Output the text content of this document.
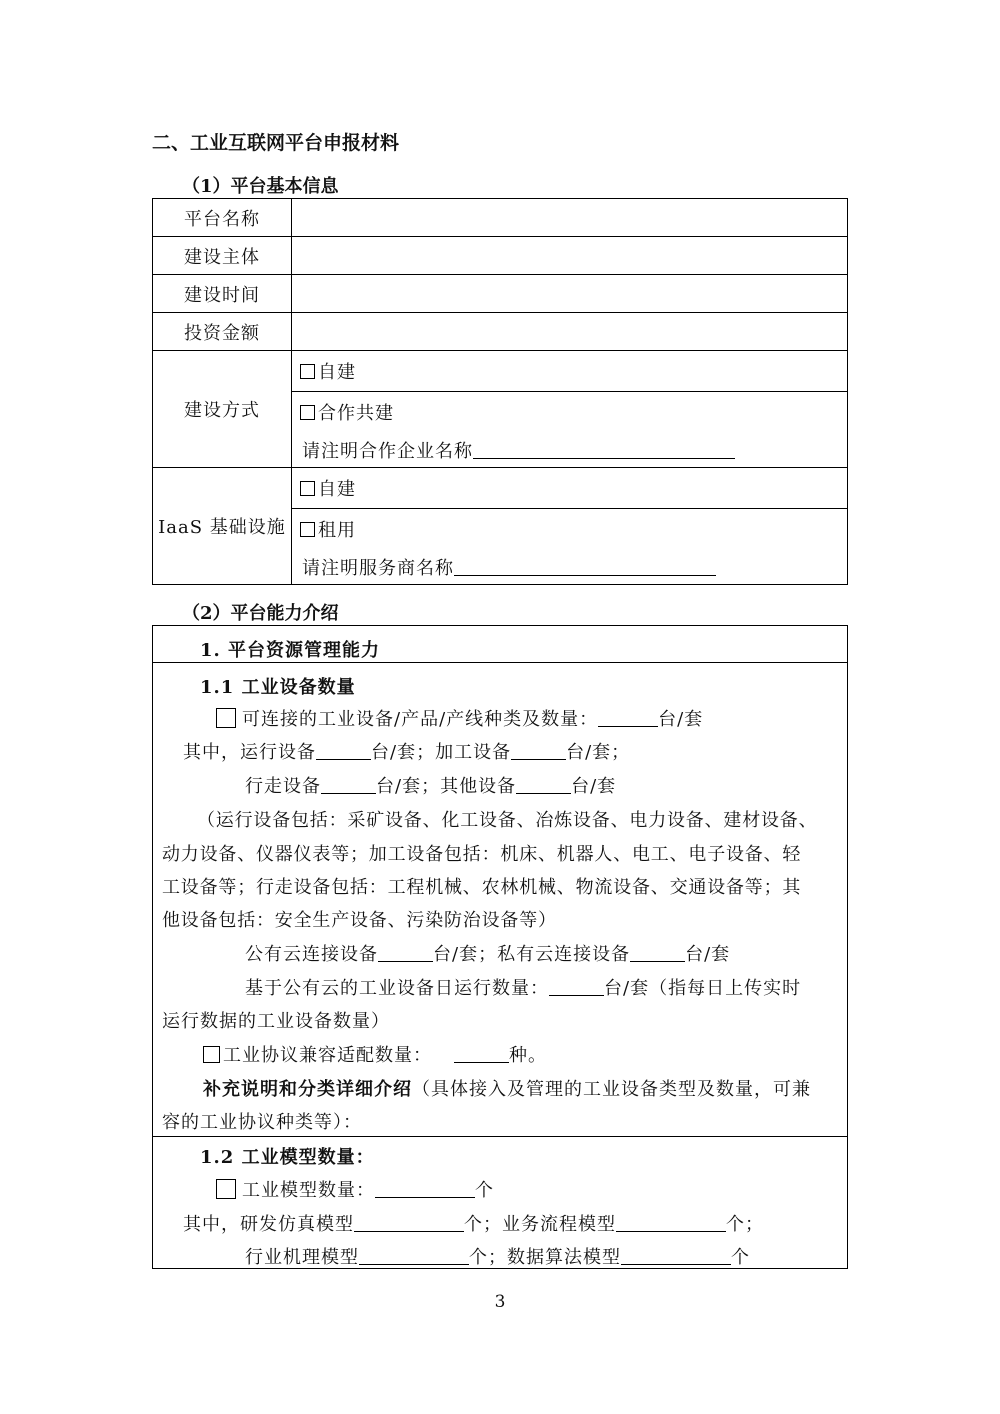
二、工业互联网平台申报材料
（1）平台基本信息
平台名称	
建设主体	
建设时间	
投资金额	
建设方式	自建
合作共建
请注明合作企业名称

IaaS 基础设施	自建
租用
请注明服务商名称
（2）平台能力介绍
1. 平台资源管理能力
1.1 工业设备数量
可连接的工业设备/产品/产线种类及数量：	台/套
其中，运行设备	台/套；加工设备	台/套；
行走设备	台/套；其他设备	台/套
（运行设备包括：采矿设备、化工设备、冶炼设备、电力设备、建材设备、
动力设备、仪器仪表等；加工设备包括：机床、机器人、电工、电子设备、轻
工设备等；行走设备包括：工程机械、农林机械、物流设备、交通设备等；其
他设备包括：安全生产设备、污染防治设备等）
公有云连接设备	台/套；私有云连接设备	台/套
基于公有云的工业设备日运行数量：	台/套（指每日上传实时
运行数据的工业设备数量）
工业协议兼容适配数量：	种。
补充说明和分类详细介绍（具体接入及管理的工业设备类型及数量，可兼
容的工业协议种类等）：
1.2 工业模型数量：
工业模型数量：	个
其中，研发仿真模型	个；业务流程模型	个；
行业机理模型	个；数据算法模型	个
3
